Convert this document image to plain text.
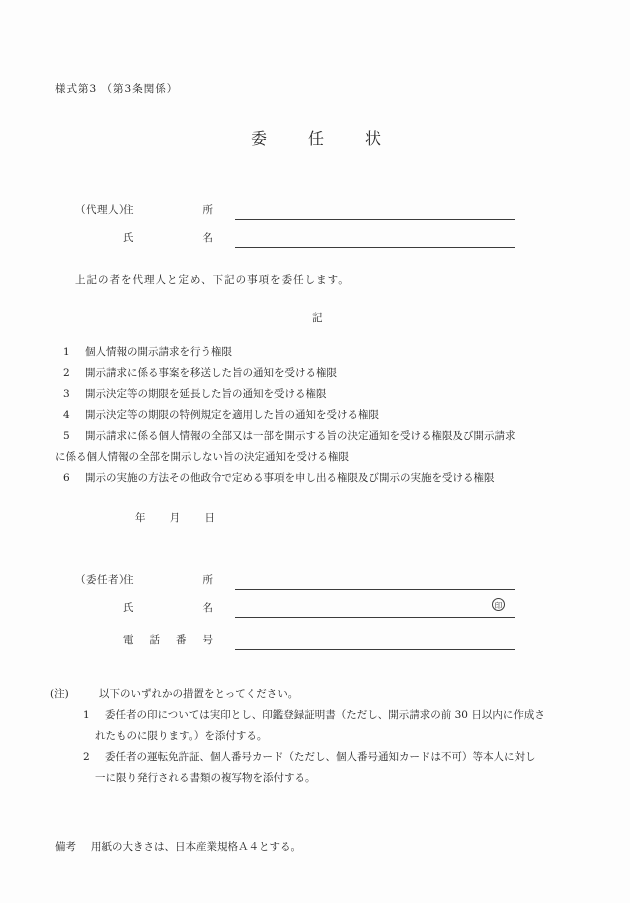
様式第3 （第3条関係）
委任状
（代理人）
住所
氏名
上記の者を代理人と定め、下記の事項を委任します。
記
1 個人情報の開示請求を行う権限
2 開示請求に係る事案を移送した旨の通知を受ける権限
3 開示決定等の期限を延長した旨の通知を受ける権限
4 開示決定等の期限の特例規定を適用した旨の通知を受ける権限
5 開示請求に係る個人情報の全部又は一部を開示する旨の決定通知を受ける権限及び開示請求
に係る個人情報の全部を開示しない旨の決定通知を受ける権限
6 開示の実施の方法その他政令で定める事項を申し出る権限及び開示の実施を受ける権限
年月日
（委任者）
住所
氏名	印
電話番号
(注)	以下のいずれかの措置をとってください。
1 委任者の印については実印とし、印鑑登録証明書（ただし、開示請求の前 30 日以内に作成さ
れたものに限ります。）を添付する。
2 委任者の運転免許証、個人番号カード（ただし、個人番号通知カードは不可）等本人に対し
一に限り発行される書類の複写物を添付する。
備考 用紙の大きさは、日本産業規格Ａ４とする。
